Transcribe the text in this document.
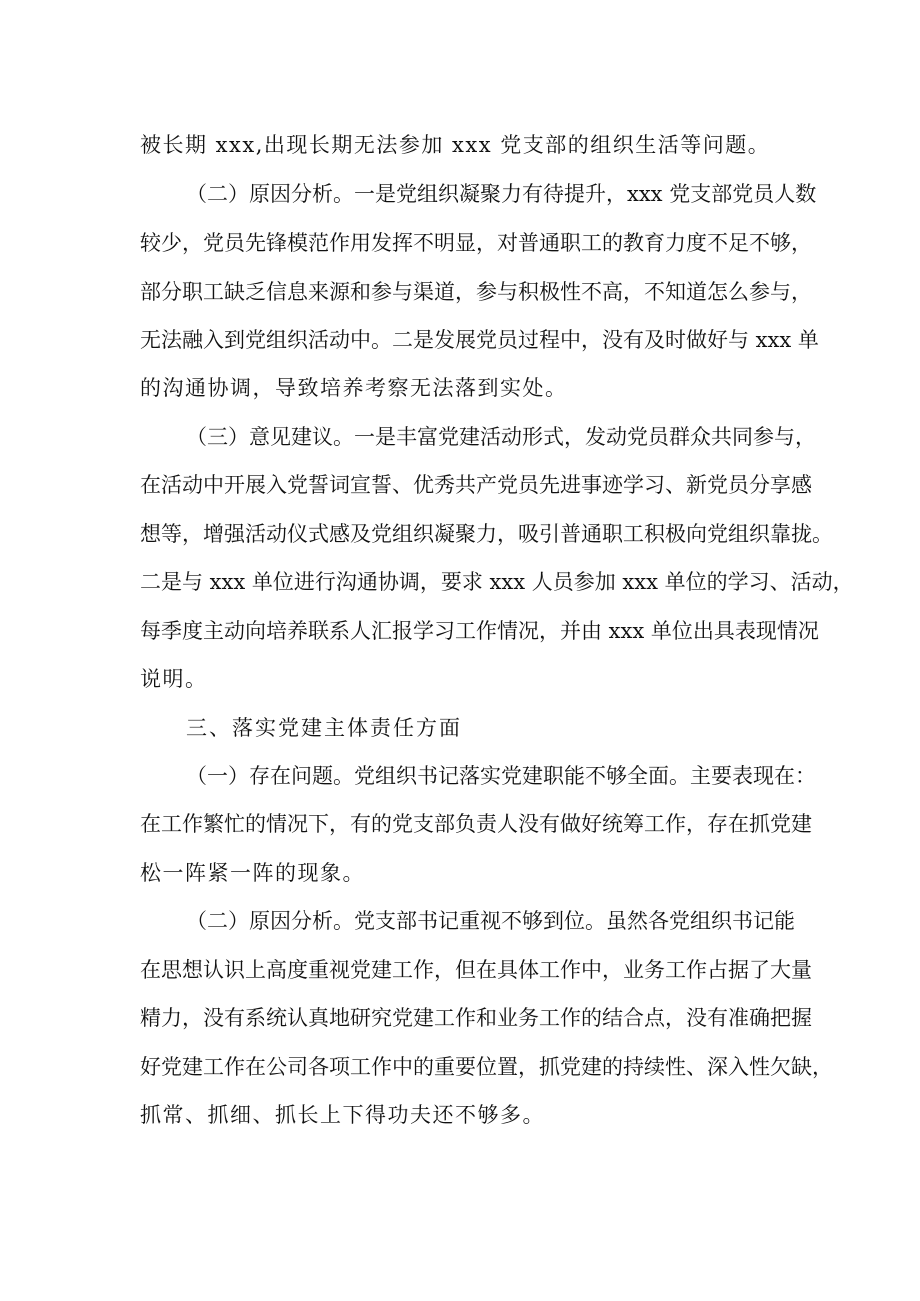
被长期 xxx,出现长期无法参加 xxx 党支部的组织生活等问题。
（二）原因分析。一是党组织凝聚力有待提升，xxx 党支部党员人数
较少，党员先锋模范作用发挥不明显，对普通职工的教育力度不足不够，
部分职工缺乏信息来源和参与渠道，参与积极性不高，不知道怎么参与，
无法融入到党组织活动中。二是发展党员过程中，没有及时做好与 xxx 单
的沟通协调，导致培养考察无法落到实处。
（三）意见建议。一是丰富党建活动形式，发动党员群众共同参与，
在活动中开展入党誓词宣誓、优秀共产党员先进事迹学习、新党员分享感
想等，增强活动仪式感及党组织凝聚力，吸引普通职工积极向党组织靠拢。
二是与 xxx 单位进行沟通协调，要求 xxx 人员参加 xxx 单位的学习、活动，
每季度主动向培养联系人汇报学习工作情况，并由 xxx 单位出具表现情况
说明。
三、落实党建主体责任方面
（一）存在问题。党组织书记落实党建职能不够全面。主要表现在：
在工作繁忙的情况下，有的党支部负责人没有做好统筹工作，存在抓党建
松一阵紧一阵的现象。
（二）原因分析。党支部书记重视不够到位。虽然各党组织书记能
在思想认识上高度重视党建工作，但在具体工作中，业务工作占据了大量
精力，没有系统认真地研究党建工作和业务工作的结合点，没有准确把握
好党建工作在公司各项工作中的重要位置，抓党建的持续性、深入性欠缺，
抓常、抓细、抓长上下得功夫还不够多。
